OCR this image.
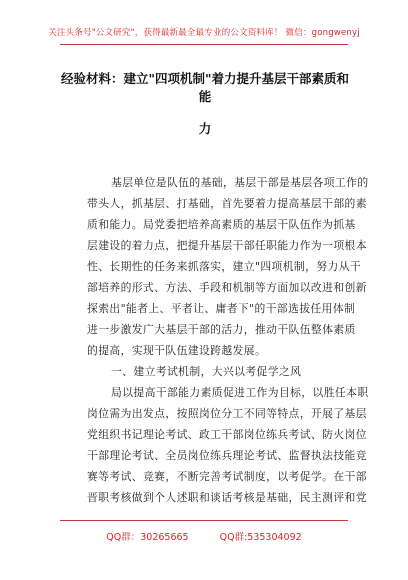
关注头条号"公文研究"，获得最新最全最专业的公文资料库！ 微信：gongwenyj
经验材料：建立"四项机制"着力提升基层干部素质和能
力
基层单位是队伍的基础，基层干部是基层各项工作的
带头人，抓基层、打基础，首先要着力提高基层干部的素
质和能力。局党委把培养高素质的基层干队伍作为抓基
层建设的着力点，把提升基层干部任职能力作为一项根本
性、长期性的任务来抓落实，建立"四项机制，努力从干
部培养的形式、方法、手段和机制等方面加以改进和创新
探索出"能者上、平者让、庸者下"的干部选拔任用体制
进一步激发广大基层干部的活力，推动干队伍整体素质
的提高，实现干队伍建设跨越发展。
一、建立考试机制，大兴以考促学之风
局以提高干部能力素质促进工作为目标，以胜任本职
岗位需为出发点，按照岗位分工不同等特点，开展了基层
党组织书记理论考试、政工干部岗位练兵考试、防火岗位
干部理论考试、全员岗位练兵理论考试、监督执法技能竞
赛等考试、竞赛，不断完善考试制度，以考促学。在干部
晋职考核做到个人述职和谈话考核是基础，民主测评和党
QQ群：30265665	QQ群:535304092
